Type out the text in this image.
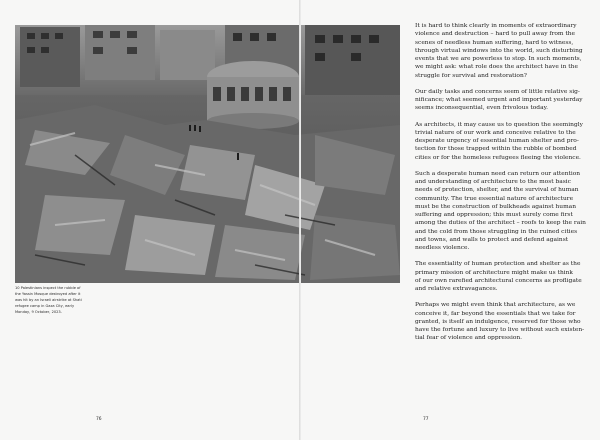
10 Palestinians inspect the rubble of
the Yassin Mosque destroyed after it
was hit by an Israeli airstrike at Shati
refugee camp in Gaza City, early
Monday, 9 October, 2023.
76

It is hard to think clearly in moments of extraordinary
violence and destruction – hard to pull away from the
scenes of needless human suffering, hard to witness,
through virtual windows into the world, such disturbing
events that we are powerless to stop. In such moments,
we might ask: what role does the architect have in the
struggle for survival and restoration?

Our daily tasks and concerns seem of little relative sig-
nificance; what seemed urgent and important yesterday
seems inconsequential, even frivolous today.

As architects, it may cause us to question the seemingly
trivial nature of our work and conceive relative to the
desperate urgency of essential human shelter and pro-
tection for those trapped within the rubble of bombed
cities or for the homeless refugees fleeing the violence.

Such a desperate human need can return our attention
and understanding of architecture to the most basic
needs of protection, shelter, and the survival of human
community. The true essential nature of architecture
must be the construction of bulkheads against human
suffering and oppression; this must surely come first
among the duties of the architect – roofs to keep the rain
and the cold from those struggling in the ruined cities
and towns, and walls to protect and defend against
needless violence.

The essentiality of human protection and shelter as the
primary mission of architecture might make us think
of our own rarefied architectural concerns as profligate
and relative extravagances.

Perhaps we might even think that architecture, as we
conceive it, far beyond the essentials that we take for
granted, is itself an indulgence, reserved for those who
have the fortune and luxury to live without such existen-
tial fear of violence and oppression.

77
